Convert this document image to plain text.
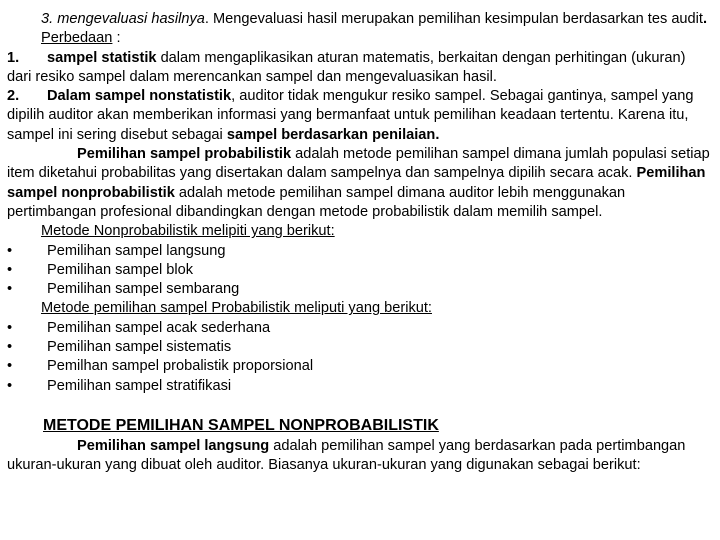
3. mengevaluasi hasilnya. Mengevaluasi hasil merupakan pemilihan kesimpulan berdasarkan tes audit.

Perbedaan :

1. sampel statistik dalam mengaplikasikan aturan matematis, berkaitan dengan perhitingan (ukuran) dari resiko sampel dalam merencankan sampel dan mengevaluasikan hasil.

2. Dalam sampel nonstatistik, auditor tidak mengukur resiko sampel. Sebagai gantinya, sampel yang dipilih auditor akan memberikan informasi yang bermanfaat untuk pemilihan keadaan tertentu. Karena itu, sampel ini sering disebut sebagai sampel berdasarkan penilaian.

Pemilihan sampel probabilistik adalah metode pemilihan sampel dimana jumlah populasi setiap item diketahui probabilitas yang disertakan dalam sampelnya dan sampelnya dipilih secara acak. Pemilihan sampel nonprobabilistik adalah metode pemilihan sampel dimana auditor lebih menggunakan pertimbangan profesional dibandingkan dengan metode probabilistik dalam memilih sampel.

Metode Nonprobabilistik melipiti yang berikut:

•	Pemilihan sampel langsung
•	Pemilihan sampel blok
•	Pemilihan sampel sembarang

Metode pemilihan sampel Probabilistik meliputi yang berikut:

•	Pemilihan sampel acak sederhana
•	Pemilihan sampel sistematis
•	Pemilhan sampel probalistik proporsional
•	Pemilihan sampel stratifikasi
METODE PEMILIHAN SAMPEL NONPROBABILISTIK

Pemilihan sampel langsung adalah pemilihan sampel yang berdasarkan pada pertimbangan ukuran-ukuran yang dibuat oleh auditor. Biasanya ukuran-ukuran yang digunakan sebagai berikut:
